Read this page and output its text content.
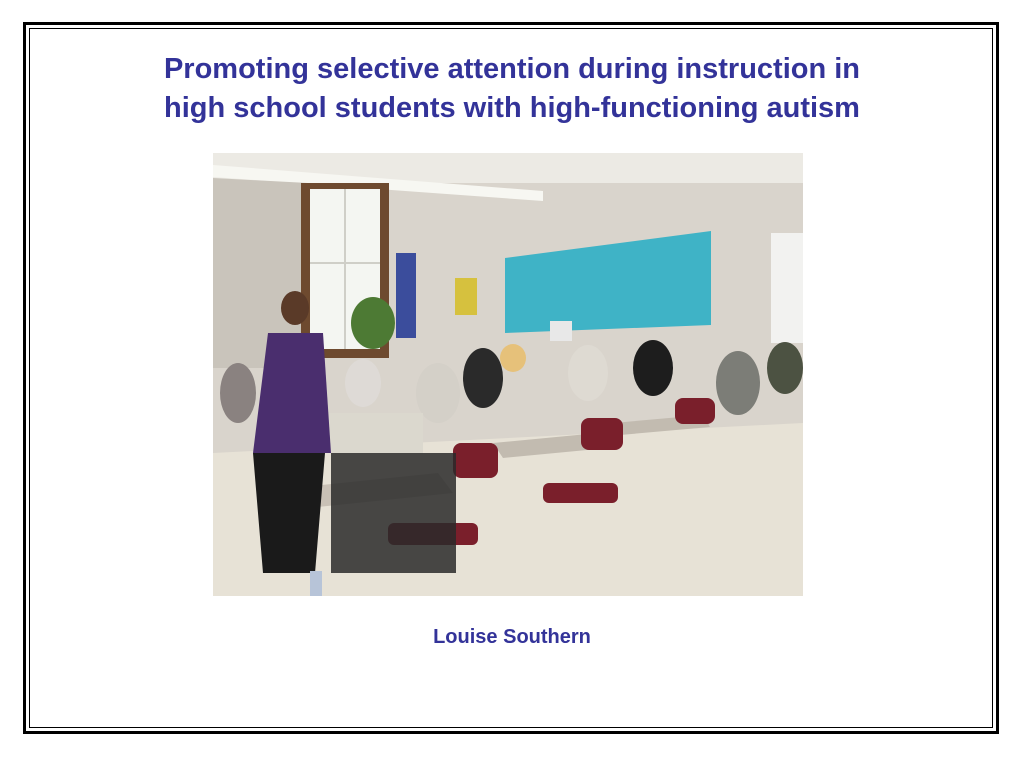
Promoting selective attention during instruction in
high school students with high-functioning autism
Louise Southern
